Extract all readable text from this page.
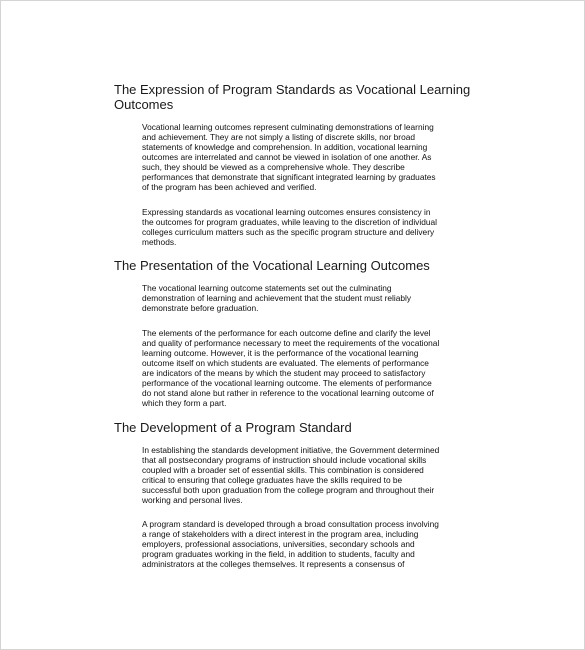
The Expression of Program Standards as Vocational Learning
Outcomes

Vocational learning outcomes represent culminating demonstrations of learning
and achievement. They are not simply a listing of discrete skills, nor broad
statements of knowledge and comprehension. In addition, vocational learning
outcomes are interrelated and cannot be viewed in isolation of one another. As
such, they should be viewed as a comprehensive whole. They describe
performances that demonstrate that significant integrated learning by graduates
of the program has been achieved and verified.

Expressing standards as vocational learning outcomes ensures consistency in
the outcomes for program graduates, while leaving to the discretion of individual
colleges curriculum matters such as the specific program structure and delivery
methods.

The Presentation of the Vocational Learning Outcomes

The vocational learning outcome statements set out the culminating
demonstration of learning and achievement that the student must reliably
demonstrate before graduation.

The elements of the performance for each outcome define and clarify the level
and quality of performance necessary to meet the requirements of the vocational
learning outcome. However, it is the performance of the vocational learning
outcome itself on which students are evaluated. The elements of performance
are indicators of the means by which the student may proceed to satisfactory
performance of the vocational learning outcome. The elements of performance
do not stand alone but rather in reference to the vocational learning outcome of
which they form a part.

The Development of a Program Standard

In establishing the standards development initiative, the Government determined
that all postsecondary programs of instruction should include vocational skills
coupled with a broader set of essential skills. This combination is considered
critical to ensuring that college graduates have the skills required to be
successful both upon graduation from the college program and throughout their
working and personal lives.

A program standard is developed through a broad consultation process involving
a range of stakeholders with a direct interest in the program area, including
employers, professional associations, universities, secondary schools and
program graduates working in the field, in addition to students, faculty and
administrators at the colleges themselves. It represents a consensus of
